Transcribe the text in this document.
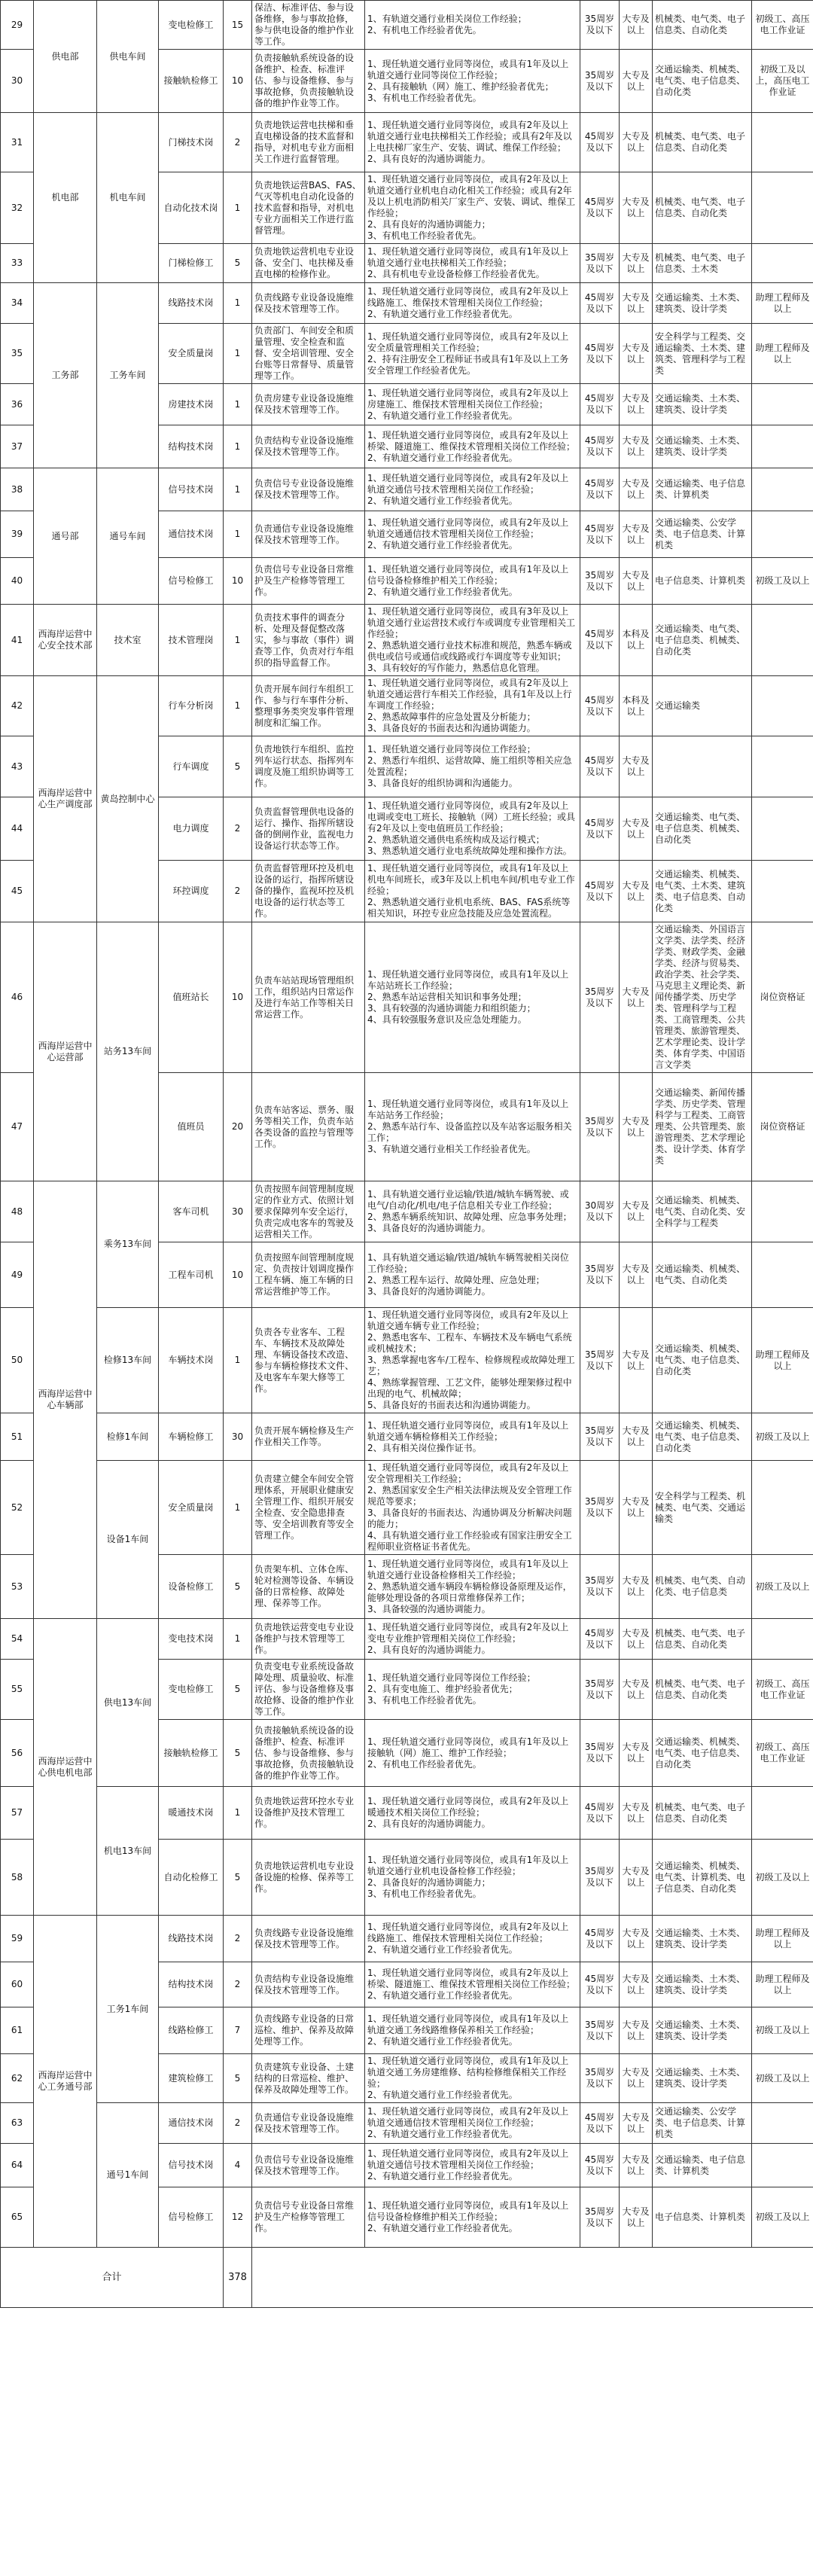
29	供电部	供电车间	变电检修工	15	保洁、标准评估、参与设备维修，参与事故抢修，参与供电设备的维护作业等工作。	1、有轨道交通行业相关岗位工作经验；
2、有机电工作经验者优先。	35周岁及以下	大专及以上	机械类、电气类、电子信息类、自动化类	初级工、高压电工作业证
30			接触轨检修工	10	负责接触轨系统设备的设备维护、检查、标准评估、参与设备维修、参与事故抢修，负责接触轨设备的维护作业等工作。	1、现任轨道交通行业同等岗位，或具有1年及以上轨道交通行业同等岗位工作经验；
2、具有接触轨（网）施工、维护经验者优先；
3、有机电工作经验者优先。	35周岁及以下	大专及以上	交通运输类、机械类、电气类、电子信息类、自动化类	初级工及以上，高压电工作业证
31	机电部	机电车间	门梯技术岗	2	负责地铁运营电扶梯和垂直电梯设备的技术监督和指导，对机电专业方面相关工作进行监督管理。	1、现任轨道交通行业同等岗位，或具有2年及以上轨道交通行业电扶梯相关工作经验；或具有2年及以上电扶梯厂家生产、安装、调试、维保工作经验；
2、具有良好的沟通协调能力。	45周岁及以下	大专及以上	机械类、电气类、电子信息类、自动化类	
32			自动化技术岗	1	负责地铁运营BAS、FAS、气灭等机电自动化设备的技术监督和指导，对机电专业方面相关工作进行监督管理。	1、现任轨道交通行业同等岗位，或具有2年及以上轨道交通行业机电自动化相关工作经验；或具有2年及以上机电消防相关厂家生产、安装、调试、维保工作经验；
2、具有良好的沟通协调能力；
3、有机电工作经验者优先。	45周岁及以下	大专及以上	机械类、电气类、电子信息类、自动化类	
33			门梯检修工	5	负责地铁运营机电专业设备、安全门、电扶梯及垂直电梯的检修作业。	1、现任轨道交通行业同等岗位，或具有1年及以上轨道交通行业电扶梯相关工作经验；
2、具有机电专业设备检修工作经验者优先。	35周岁及以下	大专及以上	机械类、电气类、电子信息类、土木类	
34	工务部	工务车间	线路技术岗	1	负责线路专业设备设施维保及技术管理等工作。	1、现任轨道交通行业同等岗位，或具有2年及以上线路施工、维保技术管理相关岗位工作经验；
2、有轨道交通行业工作经验者优先。	45周岁及以下	大专及以上	交通运输类、土木类、建筑类、设计学类	助理工程师及以上
35			安全质量岗	1	负责部门、车间安全和质量管理、安全检查和监督、安全培训管理、安全台账等日常督导、质量管理等工作。	1、现任轨道交通行业同等岗位，或具有2年及以上安全质量管理相关工作经验；
2、持有注册安全工程师证书或具有1年及以上工务安全管理工作经验者优先。	45周岁及以下	大专及以上	安全科学与工程类、交通运输类、土木类、建筑类、管理科学与工程类	助理工程师及以上
36			房建技术岗	1	负责房建专业设备设施维保及技术管理等工作。	1、现任轨道交通行业同等岗位，或具有2年及以上房建施工、维保技术管理相关岗位工作经验；
2、有轨道交通行业工作经验者优先。	45周岁及以下	大专及以上	交通运输类、土木类、建筑类、设计学类	
37			结构技术岗	1	负责结构专业设备设施维保及技术管理等工作。	1、现任轨道交通行业同等岗位，或具有2年及以上桥梁、隧道施工、维保技术管理相关岗位工作经验；
2、有轨道交通行业工作经验者优先。	45周岁及以下	大专及以上	交通运输类、土木类、建筑类、设计学类	
38	通号部	通号车间	信号技术岗	1	负责信号专业设备设施维保及技术管理等工作。	1、现任轨道交通行业同等岗位，或具有2年及以上轨道交通信号技术管理相关岗位工作经验；
2、有轨道交通行业工作经验者优先。	45周岁及以下	大专及以上	交通运输类、电子信息类、计算机类	
39			通信技术岗	1	负责通信专业设备设施维保及技术管理等工作。	1、现任轨道交通行业同等岗位，或具有2年及以上轨道交通通信技术管理相关岗位工作经验；
2、有轨道交通行业工作经验者优先。	45周岁及以下	大专及以上	交通运输类、公安学类、电子信息类、计算机类	
40			信号检修工	10	负责信号专业设备日常维护及生产检修等管理工作。	1、现任轨道交通行业同等岗位，或具有1年及以上信号设备检修维护相关工作经验；
2、有轨道交通行业工作经验者优先。	35周岁及以下	大专及以上	电子信息类、计算机类	初级工及以上
41	西海岸运营中心安全技术部	技术室	技术管理岗	1	负责技术事件的调查分析、处理及督促整改落实，参与事故（事件）调查等工作，负责对行车组织的指导监督工作。	1、现任轨道交通行业同等岗位，或具有3年及以上轨道交通行业运营技术或行车或调度专业管理相关工作经验；
2、熟悉轨道交通行业技术标准和规范，熟悉车辆或供电或信号或通信或线路或行车调度等专业知识；
3、具有较好的写作能力，熟悉信息化管理。	45周岁及以下	本科及以上	交通运输类、电气类、电子信息类、机械类、自动化类	
42	西海岸运营中心生产调度部	黄岛控制中心	行车分析岗	1	负责开展车间行车组织工作、参与行车事件分析、整理事务类突发事件管理制度和汇编工作。	1、现任轨道交通行业同等岗位，或具有2年及以上轨道交通运营行车相关工作经验，具有1年及以上行车调度工作经验；
2、熟悉故障事件的应急处置及分析能力；
3、具备良好的书面表达和沟通协调能力。	45周岁及以下	本科及以上	交通运输类	
43			行车调度	5	负责地铁行车组织、监控列车运行状态、指挥列车调度及施工组织协调等工作。	1、现任轨道交通行业同等岗位工作经验；
2、熟悉行车组织、运营故障、施工组织等相关应急处置流程；
3、具备良好的组织协调和沟通能力。	45周岁及以下	大专及以上		
44			电力调度	2	负责监督管理供电设备的运行、操作、指挥所辖设备的倒闸作业，监视电力设备运行状态等工作。	1、现任轨道交通行业同等岗位，或具有2年及以上电调或变电工班长、接触轨（网）工班长经验；或具有2年及以上变电值班员工作经验；
2、熟悉轨道交通供电系统构成及运行模式；
3、熟悉轨道交通行业电系统故障处理和操作方法。	45周岁及以下	大专及以上	交通运输类、电气类、电子信息类、机械类、自动化类	
45			环控调度	2	负责监督管理环控及机电设备的运行，指挥所辖设备的操作，监视环控及机电设备的运行状态等工作。	1、现任轨道交通行业同等岗位，或具有1年及以上机电车间班长，或3年及以上机电车间/机电专业工作经验；
2、熟悉轨道交通行业机电系统、BAS、FAS系统等相关知识，环控专业应急技能及应急处置流程。	45周岁及以下	大专及以上	交通运输类、机械类、电气类、土木类、建筑类、电子信息类、自动化类	
46	西海岸运营中心运营部	站务13车间	值班站长	10	负责车站站现场管理组织工作，组织站内日常运作及进行车站工作等相关日常运营工作。	1、现任轨道交通行业同等岗位，或具有1年及以上车站站班长工作经验；
2、熟悉车站运营相关知识和事务处理；
3、具有较强的沟通协调能力和组织能力；
4、具有较强服务意识及应急处理能力。	35周岁及以下	大专及以上	交通运输类、外国语言文学类、法学类、经济学类、财政学类、金融学类、经济与贸易类、政治学类、社会学类、马克思主义理论类、新闻传播学类、历史学类、管理科学与工程类、工商管理类、公共管理类、旅游管理类、艺术学理论类、设计学类、体育学类、中国语言文学类	岗位资格证
47			值班员	20	负责车站客运、票务、服务等相关工作，负责车站各类设备的监控与管理等工作。	1、现任轨道交通行业同等岗位，或具有1年及以上车站站务工作经验；
2、熟悉车站行车、设备监控以及车站客运服务相关工作；
3、有轨道交通行业相关工作经验者优先。	35周岁及以下	大专及以上	交通运输类、新闻传播学类、历史学类、管理科学与工程类、工商管理类、公共管理类、旅游管理类、艺术学理论类、设计学类、体育学类	岗位资格证
48	西海岸运营中心车辆部	乘务13车间	客车司机	30	负责按照车间管理制度规定的作业方式、依照计划要求保障列车安全运行，负责完成电客车的驾驶及运营相关工作。	1、具有轨道交通行业运输/铁道/城轨车辆驾驶、或电气/自动化/机电/电子信息相关专业工作经验；
2、熟悉车辆系统知识、故障处理、应急事务处理；
3、具备良好的沟通协调能力。	30周岁及以下	大专及以上	交通运输类、机械类、电气类、自动化类、安全科学与工程类	
49			工程车司机	10	负责按照车间管理制度规定、负责按计划调度操作工程车辆、施工车辆的日常运营维护等工作。	1、具有轨道交通运输/铁道/城轨车辆驾驶相关岗位工作经验；
2、熟悉工程车运行、故障处理、应急处理；
3、具备良好的沟通协调能力。	35周岁及以下	大专及以上	交通运输类、机械类、电气类、自动化类	
50		检修13车间	车辆技术岗	1	负责各专业客车、工程车、车辆技术及故障处理、车辆设备技术改造、参与车辆检修技术文件、及电客车车架大修等工作。	1、现任轨道交通行业同等岗位，或具有2年及以上轨道交通车辆专业工作经验；
2、熟悉电客车、工程车、车辆技术及车辆电气系统或机械技术；
3、熟悉掌握电客车/工程车、检修规程或故障处理工艺；
4、熟练掌握管理、工艺文件，能够处理架修过程中出现的电气、机械故障；
5、具备良好的书面表达和沟通协调能力。	35周岁及以下	大专及以上	交通运输类、机械类、电气类、电子信息类、自动化类	助理工程师及以上
51		检修1车间	车辆检修工	30	负责开展车辆检修及生产作业相关工作等。	1、现任轨道交通行业同等岗位，或具有1年及以上轨道交通车辆检修相关工作经验；
2、具有相关岗位操作证书。	35周岁及以下	大专及以上	交通运输类、机械类、电气类、电子信息类、自动化类	初级工及以上
52		设备1车间	安全质量岗	1	负责建立健全车间安全管理体系，开展职业健康安全管理工作、组织开展安全检查、安全隐患排查等、安全培训教育等安全管理工作。	1、现任轨道交通行业同等岗位，或具有2年及以上安全管理相关工作经验；
2、熟悉国家安全生产相关法律法规及安全管理工作规范等要求；
3、具备良好的书面表达、沟通协调及分析解决问题的能力；
4、具有轨道交通行业工作经验或有国家注册安全工程师职业资格证书者优先。	35周岁及以下	大专及以上	安全科学与工程类、机械类、电气类、交通运输类	
53			设备检修工	5	负责架车机、立体仓库、轮对检测等设备、车辆设备的日常检修、故障处理、保养等工作。	1、现任轨道交通行业同等岗位，或具有1年及以上轨道交通行业设备检修相关工作经验；
2、熟悉轨道交通车辆段车辆检修设备原理及运作，能够处理设备的各项日常维修保养工作；
3、具备较强的沟通协调能力。	35周岁及以下	大专及以上	机械类、电气类、自动化类、电子信息类	初级工及以上
54	西海岸运营中心供电机电部	供电13车间	变电技术岗	1	负责地铁运营变电专业设备维护与技术管理等工作。	1、现任轨道交通行业同等岗位，或具有2年及以上变电专业维护管理相关岗位工作经验；
2、具有良好的沟通协调能力。	45周岁及以下	大专及以上	机械类、电气类、电子信息类、自动化类	
55			变电检修工	5	负责变电专业系统设备故障处理、质量验收、标准评估、参与设备维修及事故抢修、设备的维护作业等工作。	1、现任轨道交通行业同等岗位工作经验；
2、具有变电施工、维护经验者优先；
3、有机电工作经验者优先。	35周岁及以下	大专及以上	机械类、电气类、电子信息类、自动化类	初级工、高压电工作业证
56			接触轨检修工	5	负责接触轨系统设备的设备维护、检查、标准评估、参与设备维修、参与事故抢修，负责接触轨设备的维护作业等工作。	1、现任轨道交通行业同等岗位，或具有1年及以上接触轨（网）施工、维护工作经验；
2、有机电工作经验者优先。	35周岁及以下	大专及以上	交通运输类、机械类、电气类、电子信息类、自动化类	初级工、高压电工作业证
57		机电13车间	暖通技术岗	1	负责地铁运营环控水专业设备维护及技术管理工作。	1、现任轨道交通行业同等岗位，或具有2年及以上暖通技术相关岗位工作经验；
2、具有良好的沟通协调能力。	45周岁及以下	大专及以上	机械类、电气类、电子信息类、自动化类	
58			自动化检修工	5	负责地铁运营机电专业设备设施的检修、保养等工作。	1、现任轨道交通行业同等岗位，或具有1年及以上轨道交通行业机电设备检修工作经验；
2、具备良好的沟通协调能力；
3、有机电工作经验者优先。	35周岁及以下	大专及以上	交通运输类、机械类、电气类、计算机类、电子信息类、自动化类	初级工及以上
59	西海岸运营中心工务通号部	工务1车间	线路技术岗	2	负责线路专业设备设施维保及技术管理等工作。	1、现任轨道交通行业同等岗位，或具有2年及以上线路施工、维保技术管理相关岗位工作经验；
2、有轨道交通行业工作经验者优先。	45周岁及以下	大专及以上	交通运输类、土木类、建筑类、设计学类	助理工程师及以上
60			结构技术岗	2	负责结构专业设备设施维保及技术管理等工作。	1、现任轨道交通行业同等岗位，或具有2年及以上桥梁、隧道施工、维保技术管理相关岗位工作经验；
2、有轨道交通行业工作经验者优先。	45周岁及以下	大专及以上	交通运输类、土木类、建筑类、设计学类	助理工程师及以上
61			线路检修工	7	负责线路专业设备的日常巡检、维护、保养及故障处理等工作。	1、现任轨道交通行业同等岗位，或具有1年及以上轨道交通工务线路维修保养相关工作经验；
2、有轨道交通行业工作经验者优先。	35周岁及以下	大专及以上	交通运输类、土木类、建筑类、设计学类	初级工及以上
62			建筑检修工	5	负责建筑专业设备、土建结构的日常巡检、维护、保养及故障处理等工作。	1、现任轨道交通行业同等岗位，或具有1年及以上轨道交通工务房建维修、结构检修维保相关工作经验；
2、有轨道交通行业工作经验者优先。	35周岁及以下	大专及以上	交通运输类、土木类、建筑类、设计学类	初级工及以上
63		通号1车间	通信技术岗	2	负责通信专业设备设施维保及技术管理等工作。	1、现任轨道交通行业同等岗位，或具有2年及以上轨道交通通信技术管理相关岗位工作经验；
2、有轨道交通行业工作经验者优先。	45周岁及以下	大专及以上	交通运输类、公安学类、电子信息类、计算机类	
64			信号技术岗	4	负责信号专业设备设施维保及技术管理等工作。	1、现任轨道交通行业同等岗位，或具有2年及以上轨道交通信号技术管理相关岗位工作经验；
2、有轨道交通行业工作经验者优先。	45周岁及以下	大专及以上	交通运输类、电子信息类、计算机类	
65			信号检修工	12	负责信号专业设备日常维护及生产检修等管理工作。	1、现任轨道交通行业同等岗位，或具有1年及以上信号设备检修维护相关工作经验；
2、有轨道交通行业工作经验者优先。	35周岁及以下	大专及以上	电子信息类、计算机类	初级工及以上
合计				378						
